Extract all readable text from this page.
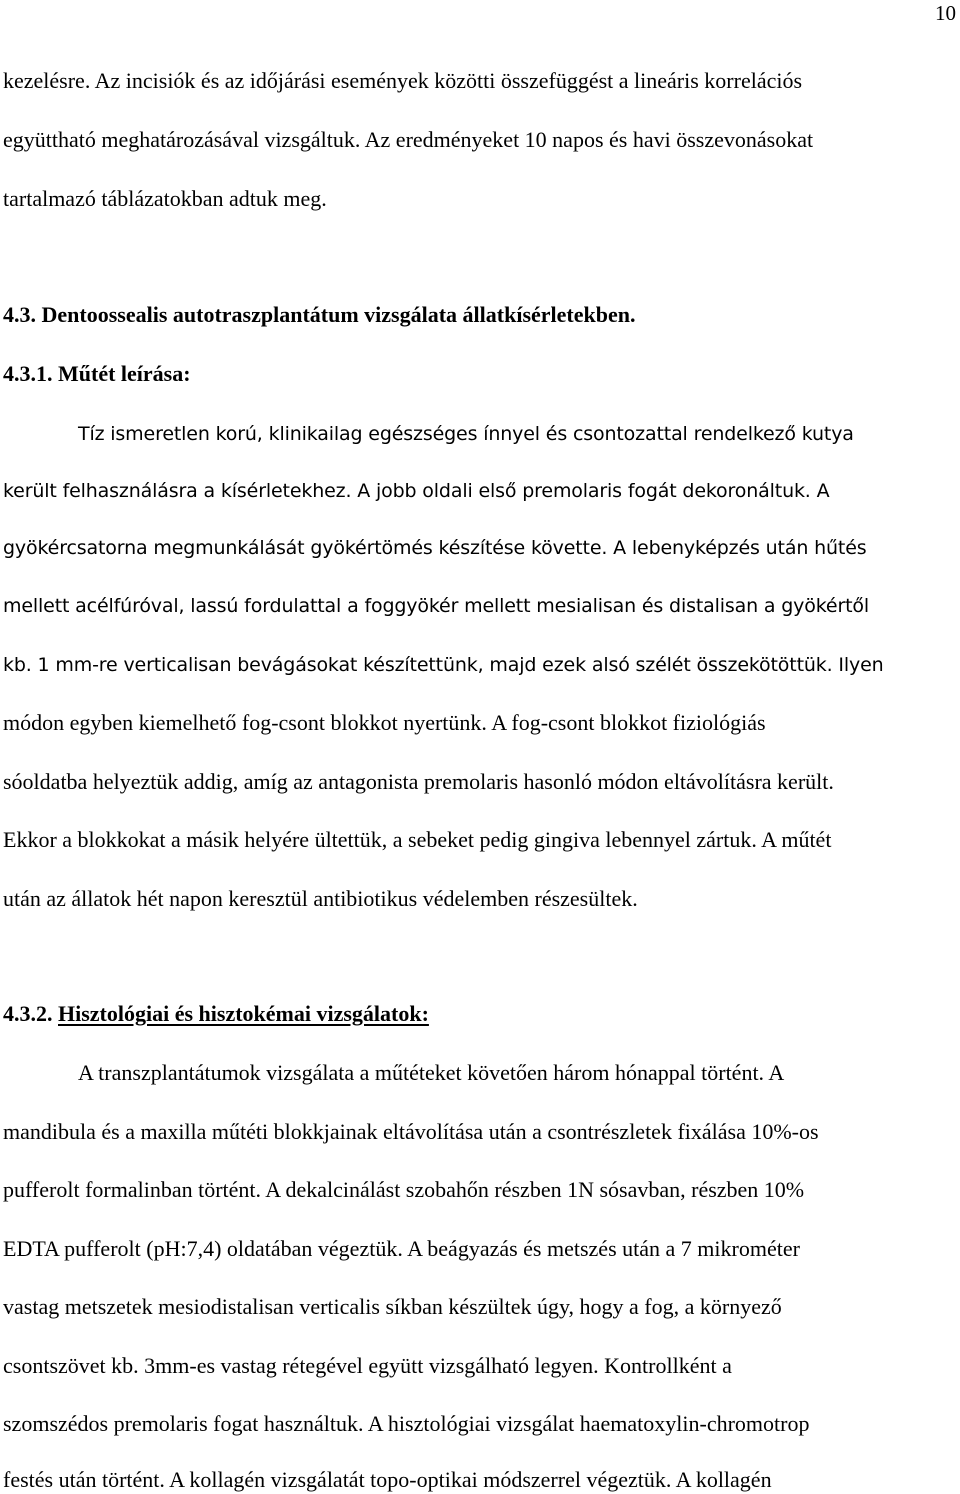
10
kezelésre. Az incisiók és az időjárási események közötti összefüggést a lineáris korrelációs
együttható meghatározásával vizsgáltuk. Az eredményeket 10 napos és havi összevonásokat
tartalmazó táblázatokban adtuk meg.
4.3. Dentoossealis autotraszplantátum vizsgálata állatkísérletekben.
4.3.1. Műtét leírása:
Tíz ismeretlen korú, klinikailag egészséges ínnyel és csontozattal rendelkező kutya
került felhasználásra a kísérletekhez. A jobb oldali első premolaris fogát dekoronáltuk. A
gyökércsatorna megmunkálását gyökértömés készítése követte. A lebenyképzés után hűtés
mellett acélfúróval, lassú fordulattal a foggyökér mellett mesialisan és distalisan a gyökértől
kb. 1 mm-re verticalisan bevágásokat készítettünk, majd ezek alsó szélét összekötöttük. Ilyen
módon egyben kiemelhető fog-csont blokkot nyertünk. A fog-csont blokkot fiziológiás
sóoldatba helyeztük addig, amíg az antagonista premolaris hasonló módon eltávolításra került.
Ekkor a blokkokat a másik helyére ültettük, a sebeket pedig gingiva lebennyel zártuk. A műtét
után az állatok hét napon keresztül antibiotikus védelemben részesültek.
4.3.2. Hisztológiai és hisztokémai vizsgálatok:
A transzplantátumok vizsgálata a műtéteket követően három hónappal történt. A
mandibula és a maxilla műtéti blokkjainak eltávolítása után a csontrészletek fixálása 10%-os
pufferolt formalinban történt. A dekalcinálást szobahőn részben 1N sósavban, részben 10%
EDTA pufferolt (pH:7,4) oldatában végeztük. A beágyazás és metszés után a 7 mikrométer
vastag metszetek mesiodistalisan verticalis síkban készültek úgy, hogy a fog, a környező
csontszövet kb. 3mm-es vastag rétegével együtt vizsgálható legyen. Kontrollként a
szomszédos premolaris fogat használtuk. A hisztológiai vizsgálat haematoxylin-chromotrop
festés után történt. A kollagén vizsgálatát topo-optikai módszerrel végeztük. A kollagén
